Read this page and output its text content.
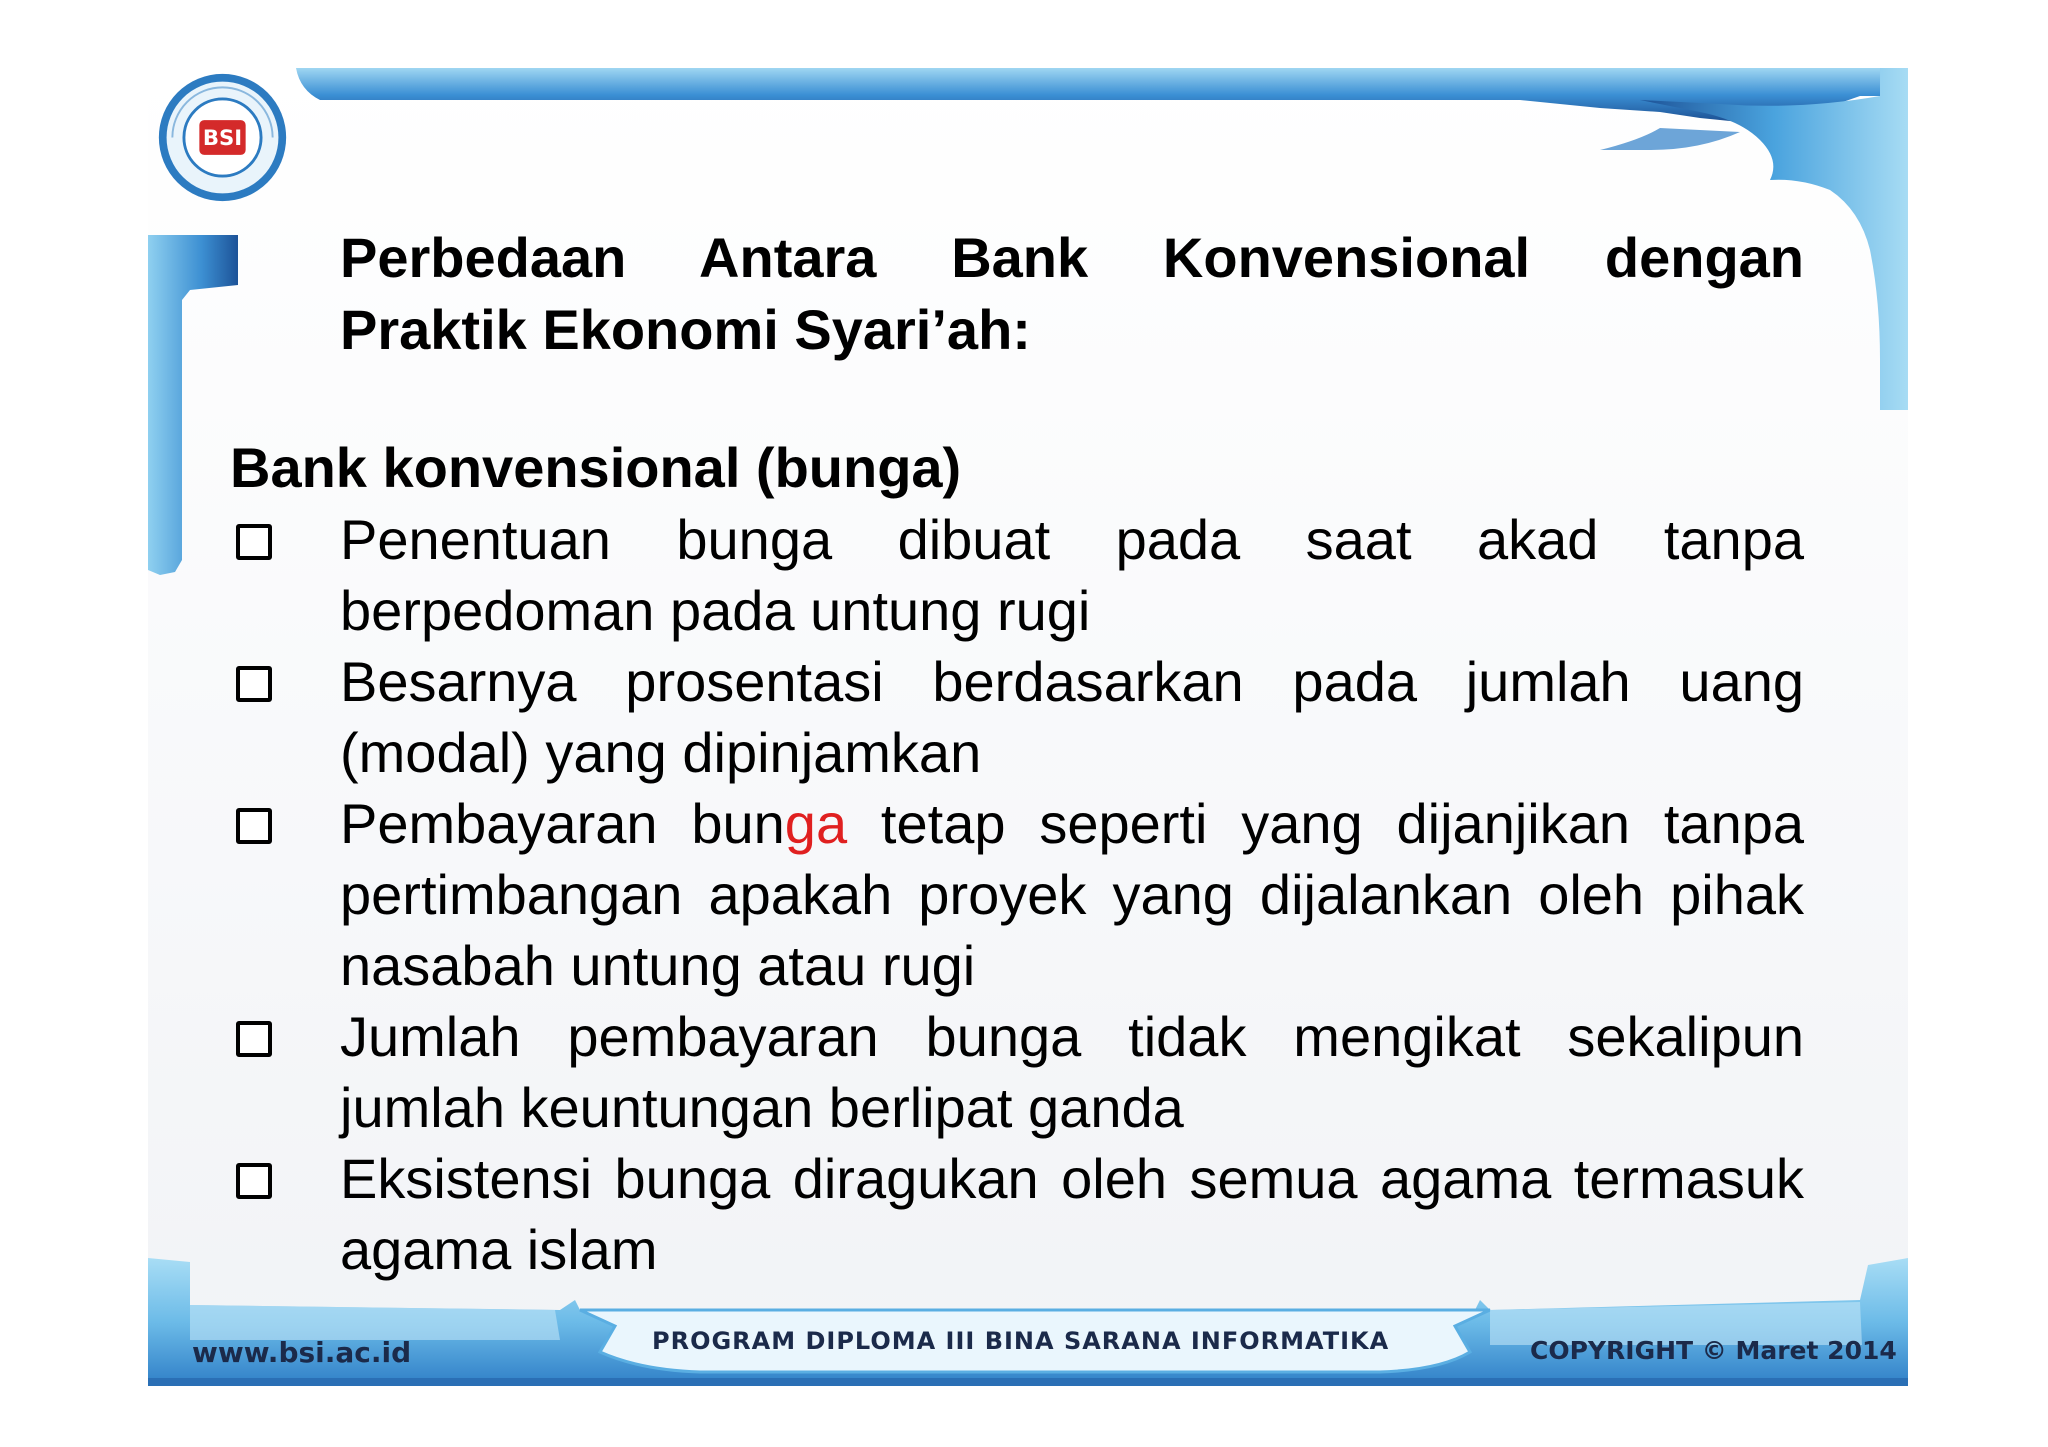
BSI
Perbedaan Antara Bank Konvensional dengan
Praktik Ekonomi Syari’ah:
Bank konvensional (bunga)
Penentuan bunga dibuat pada saat akad tanpa berpedoman pada untung rugi
Besarnya prosentasi berdasarkan pada jumlah uang (modal) yang dipinjamkan
Pembayaran bunga tetap seperti yang dijanjikan tanpa pertimbangan apakah proyek yang dijalankan oleh pihak nasabah untung atau rugi
Jumlah pembayaran bunga tidak mengikat sekalipun jumlah keuntungan berlipat ganda
Eksistensi bunga diragukan oleh semua agama termasuk agama islam
www.bsi.ac.id	PROGRAM DIPLOMA III BINA SARANA INFORMATIKA	COPYRIGHT © Maret 2014
